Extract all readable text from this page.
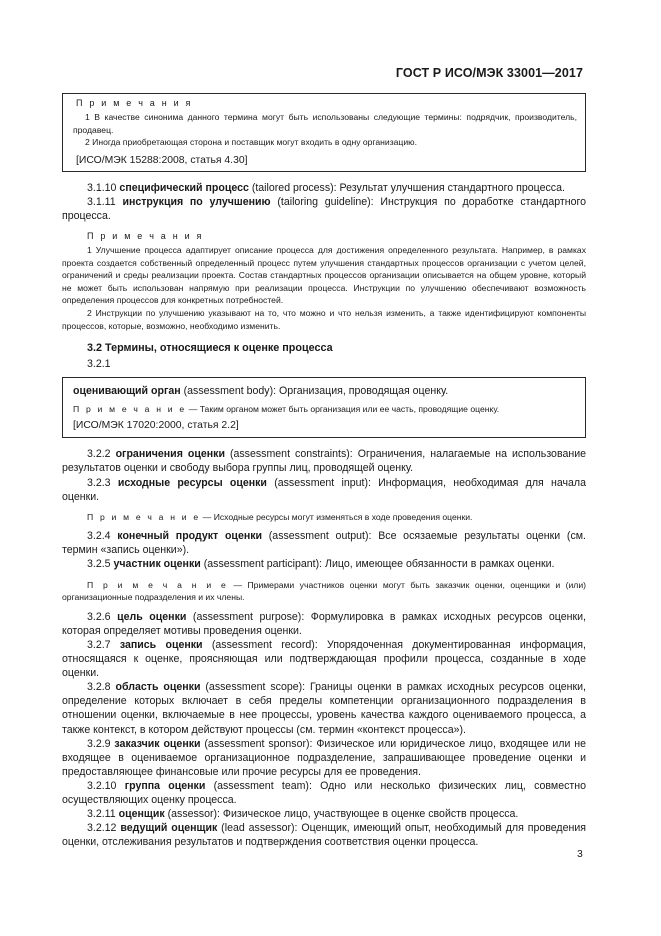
ГОСТ Р ИСО/МЭК 33001—2017
П р и м е ч а н и я

1 В качестве синонима данного термина могут быть использованы следующие термины: подрядчик, производитель, продавец.

2 Иногда приобретающая сторона и поставщик могут входить в одну организацию.

[ИСО/МЭК 15288:2008, статья 4.30]

3.1.10 специфический процесс (tailored process): Результат улучшения стандартного процесса.

3.1.11 инструкция по улучшению (tailoring guideline): Инструкция по доработке стандартного процесса.

П р и м е ч а н и я

1 Улучшение процесса адаптирует описание процесса для достижения определенного результата. Например, в рамках проекта создается собственный определенный процесс путем улучшения стандартных процессов организации с учетом целей, ограничений и среды реализации проекта. Состав стандартных процессов организации описывается на общем уровне, который не может быть использован напрямую при реализации процесса. Инструкции по улучшению обеспечивают возможность определения процессов для конкретных потребностей.

2 Инструкции по улучшению указывают на то, что можно и что нельзя изменить, а также идентифицируют компоненты процессов, которые, возможно, необходимо изменить.

3.2 Термины, относящиеся к оценке процесса
3.2.1

оценивающий орган (assessment body): Организация, проводящая оценку.

П р и м е ч а н и е — Таким органом может быть организация или ее часть, проводящие оценку.

[ИСО/МЭК 17020:2000, статья 2.2]

3.2.2 ограничения оценки (assessment constraints): Ограничения, налагаемые на использование результатов оценки и свободу выбора группы лиц, проводящей оценку.

3.2.3 исходные ресурсы оценки (assessment input): Информация, необходимая для начала оценки.

П р и м е ч а н и е — Исходные ресурсы могут изменяться в ходе проведения оценки.

3.2.4 конечный продукт оценки (assessment output): Все осязаемые результаты оценки (см. термин «запись оценки»).

3.2.5 участник оценки (assessment participant): Лицо, имеющее обязанности в рамках оценки.

П р и м е ч а н и е — Примерами участников оценки могут быть заказчик оценки, оценщики и (или) организационные подразделения и их члены.

3.2.6 цель оценки (assessment purpose): Формулировка в рамках исходных ресурсов оценки, которая определяет мотивы проведения оценки.

3.2.7 запись оценки (assessment record): Упорядоченная документированная информация, относящаяся к оценке, проясняющая или подтверждающая профили процесса, созданные в ходе оценки.

3.2.8 область оценки (assessment scope): Границы оценки в рамках исходных ресурсов оценки, определение которых включает в себя пределы компетенции организационного подразделения в отношении оценки, включаемые в нее процессы, уровень качества каждого оцениваемого процесса, а также контекст, в котором действуют процессы (см. термин «контекст процесса»).

3.2.9 заказчик оценки (assessment sponsor): Физическое или юридическое лицо, входящее или не входящее в оцениваемое организационное подразделение, запрашивающее проведение оценки и предоставляющее финансовые или прочие ресурсы для ее проведения.

3.2.10 группа оценки (assessment team): Одно или несколько физических лиц, совместно осуществляющих оценку процесса.

3.2.11 оценщик (assessor): Физическое лицо, участвующее в оценке свойств процесса.

3.2.12 ведущий оценщик (lead assessor): Оценщик, имеющий опыт, необходимый для проведения оценки, отслеживания результатов и подтверждения соответствия оценки процесса.

3
